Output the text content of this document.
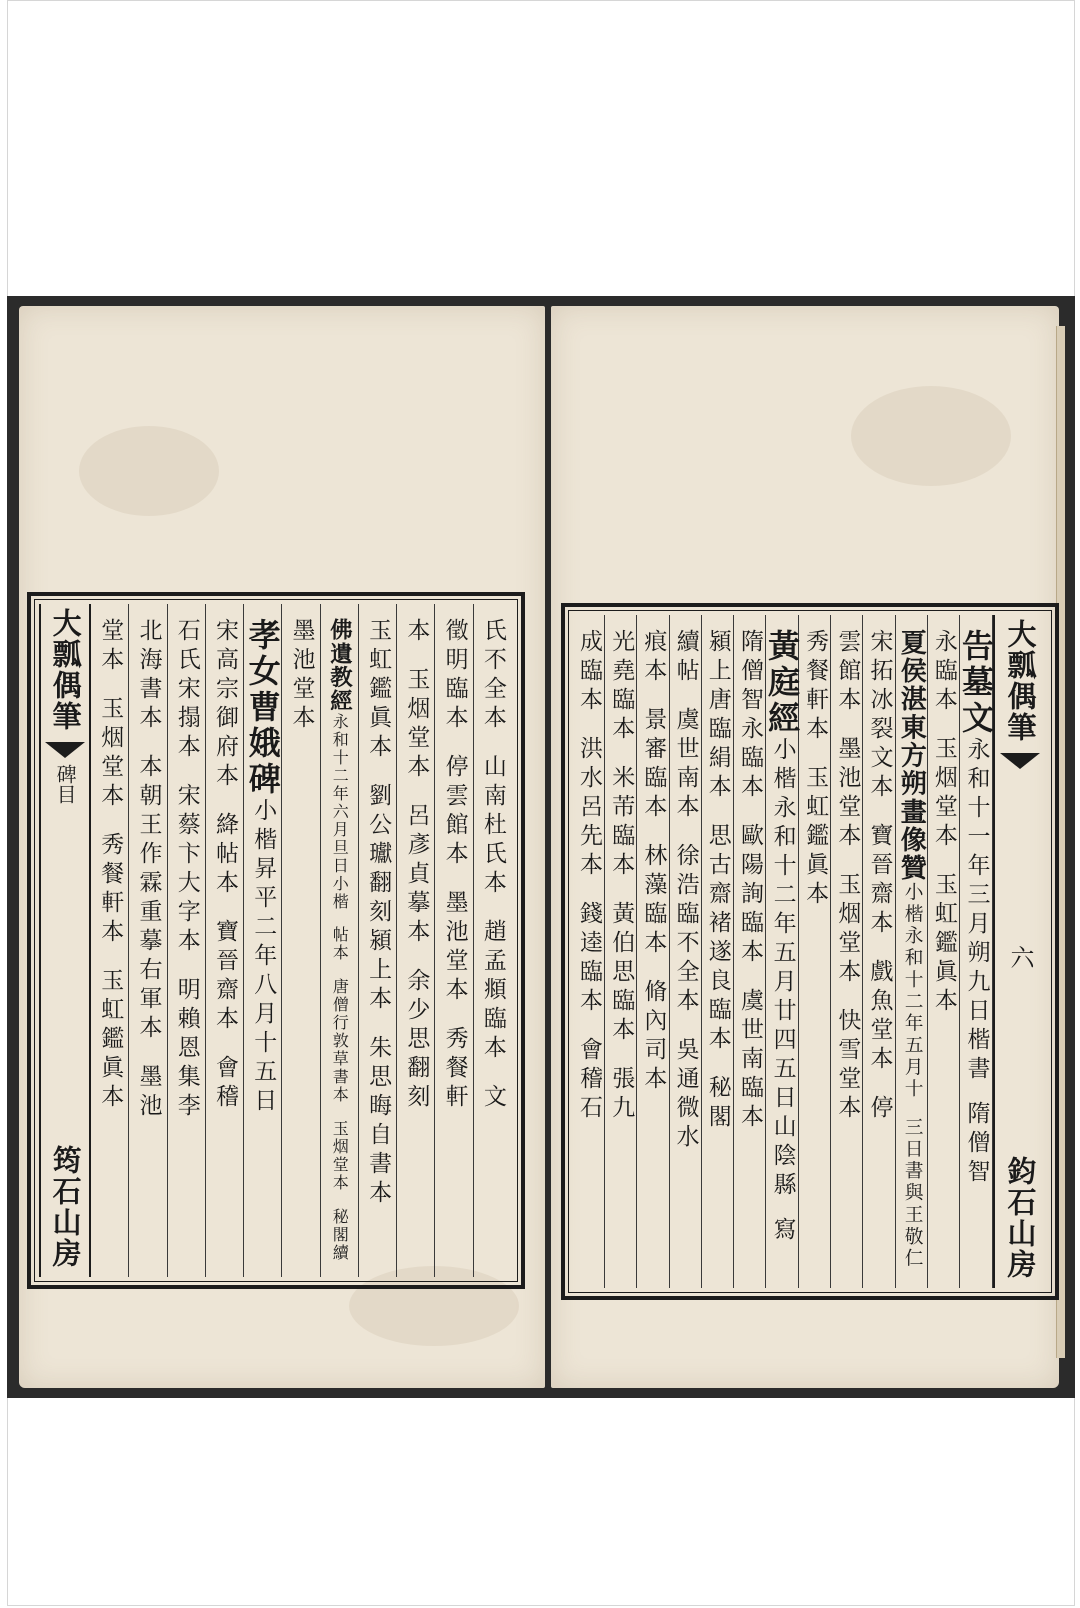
氏不全本
山南杜氏本
趙孟頫臨本
文
徵明臨本
停雲館本
墨池堂本
秀餐軒
本
玉烟堂本
呂彥貞摹本
余少思翻刻
玉虹鑑眞本
劉公瓛翻刻潁上本
朱思晦自書本
佛遺教經
永和十二年六月旦日小楷
帖本
唐僧行敦草書本
玉烟堂本
秘閣續
墨池堂本
孝女曹娥碑
小楷昇平二年八月十五日
宋高宗御府本
絳帖本
寶晉齋本
會稽
石氏宋搨本
宋蔡卞大字本
明賴恩集李
北海書本
本朝王作霖重摹右軍本
墨池
堂本
玉烟堂本
秀餐軒本
玉虹鑑眞本
大瓢偶筆
碑目
筠石山房
大瓢偶筆
六
鈞石山房
告墓文
永和十一年三月朔九日楷書
隋僧智
永臨本
玉烟堂本
玉虹鑑眞本
夏侯湛東方朔畫像贊
小楷永和十二年五月十
三日書與王敬仁
宋拓冰裂文本
寶晉齋本
戲魚堂本
停
雲館本
墨池堂本
玉烟堂本
快雪堂本
秀餐軒本
玉虹鑑眞本
黃庭經
小楷永和十二年五月廿四五日山陰縣
寫
隋僧智永臨本
歐陽詢臨本
虞世南臨本
潁上唐臨絹本
思古齋褚遂良臨本
秘閣
續帖
虞世南本
徐浩臨不全本
吳通微水
痕本
景審臨本
林藻臨本
脩內司本
光堯臨本
米芾臨本
黃伯思臨本
張九
成臨本
洪水呂先本
錢逵臨本
會稽石
